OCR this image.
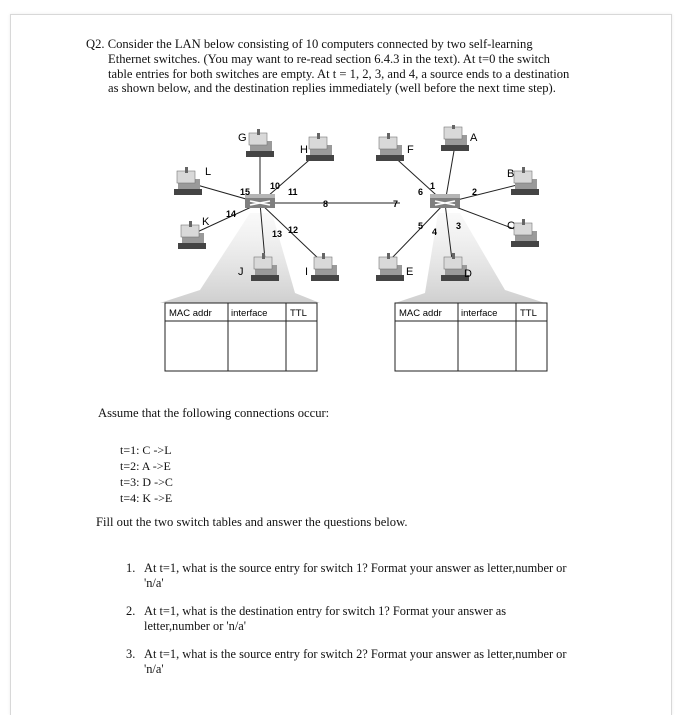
Q2. Consider the LAN below consisting of 10 computers connected by two self-learning
Ethernet switches. (You may want to re-read section 6.4.3 in the text). At t=0 the switch
table entries for both switches are empty. At t = 1, 2, 3, and 4, a source ends to a destination
as shown below, and the destination replies immediately (well before the next time step).
G
H
L
K
J	I
F
A
B
C
E	D
15
10
11
8
14
13 12
7
6
1
2
5
4
3
MAC addr interface TTL	MAC addr interface TTL
Assume that the following connections occur:
t=1: C ->L
t=2: A ->E
t=3: D ->C
t=4: K ->E
Fill out the two switch tables and answer the questions below.
1. At t=1, what is the source entry for switch 1? Format your answer as letter,number or
'n/a'
2. At t=1, what is the destination entry for switch 1? Format your answer as
letter,number or 'n/a'
3. At t=1, what is the source entry for switch 2? Format your answer as letter,number or
'n/a'
